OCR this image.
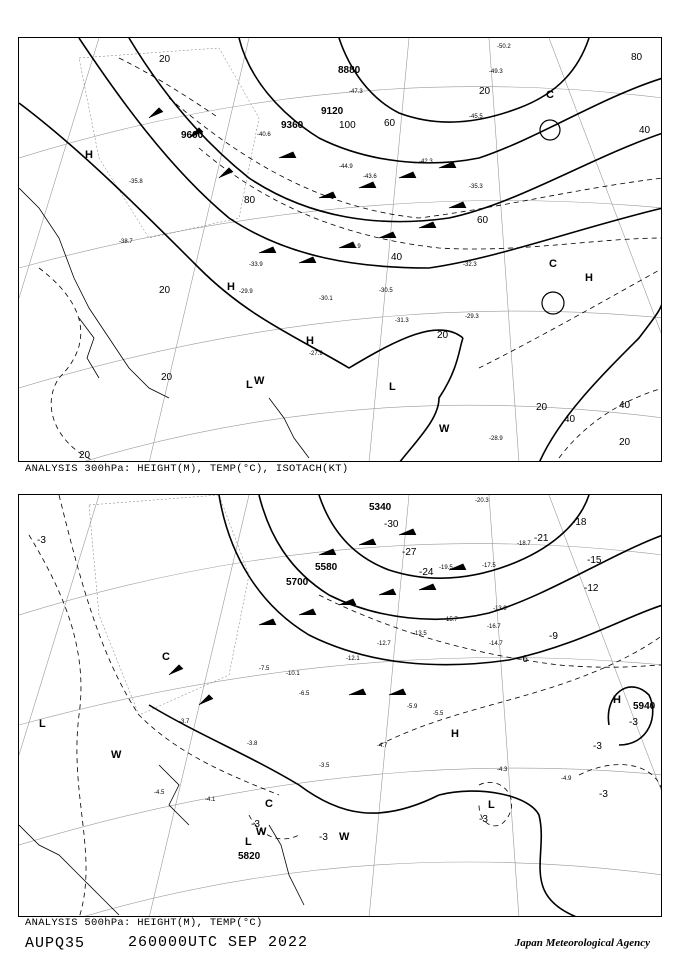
9600
9360
9120
8880
20
20
20
20
20
20
20
20
40
40
40
40
60
60
80
80
100
-27.9
-28.9
-29.3
-29.9
-30.1
-30.5
-31.3
-31.9
-32.3
-33.9
-35.3
-35.8
-38.7
-40.6
-42.3
-43.6
-44.9
-45.5
-47.3
-49.3
-50.2
H
H
H
H
L	L
W
W
C
C
ANALYSIS 300hPa: HEIGHT(M), TEMP(°C), ISOTACH(KT)
5700
5580
5340
5940
5820
-3
-3
-3
-3
-3
-3
-3
-6
-9
-12
-15
-18
-21
-24
-27
-30
-3.5
-3.7
-3.8
-4.1
-4.3
-4.5
-4.7
-4.9
-5.5
-5.9
-6.5
-7.5
-10.1
-12.1
-12.7
-13.5
-13.9
-14.7
-15.7
-16.7
-17.5
-18.7
-19.5
-20.3
H
H
L
L
L
W
W
W
C
C
ANALYSIS 500hPa: HEIGHT(M), TEMP(°C)
AUPQ35	260000UTC SEP 2022	Japan Meteorological Agency
